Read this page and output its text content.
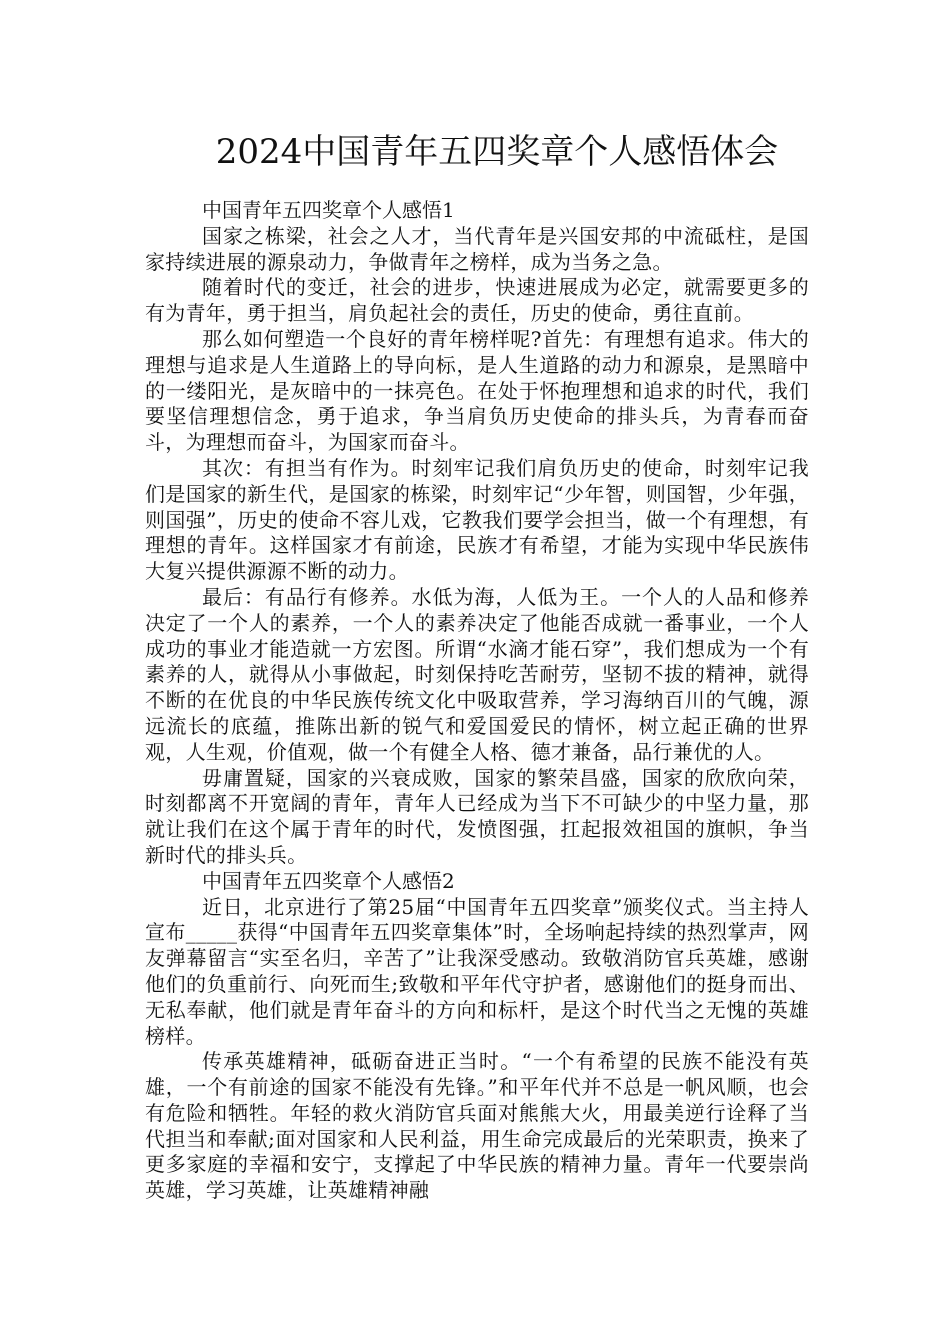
2024中国青年五四奖章个人感悟体会

中国青年五四奖章个人感悟1

国家之栋梁，社会之人才，当代青年是兴国安邦的中流砥柱，是国家持续进展的源泉动力，争做青年之榜样，成为当务之急。

随着时代的变迁，社会的进步，快速进展成为必定，就需要更多的有为青年，勇于担当，肩负起社会的责任，历史的使命，勇往直前。

那么如何塑造一个良好的青年榜样呢?首先：有理想有追求。伟大的理想与追求是人生道路上的导向标，是人生道路的动力和源泉，是黑暗中的一缕阳光，是灰暗中的一抹亮色。在处于怀抱理想和追求的时代，我们要坚信理想信念，勇于追求，争当肩负历史使命的排头兵，为青春而奋斗，为理想而奋斗，为国家而奋斗。

其次：有担当有作为。时刻牢记我们肩负历史的使命，时刻牢记我们是国家的新生代，是国家的栋梁，时刻牢记“少年智，则国智，少年强，则国强”，历史的使命不容儿戏，它教我们要学会担当，做一个有理想，有理想的青年。这样国家才有前途，民族才有希望，才能为实现中华民族伟大复兴提供源源不断的动力。

最后：有品行有修养。水低为海，人低为王。一个人的人品和修养决定了一个人的素养，一个人的素养决定了他能否成就一番事业，一个人成功的事业才能造就一方宏图。所谓“水滴才能石穿”，我们想成为一个有素养的人，就得从小事做起，时刻保持吃苦耐劳，坚韧不拔的精神，就得不断的在优良的中华民族传统文化中吸取营养，学习海纳百川的气魄，源远流长的底蕴，推陈出新的锐气和爱国爱民的情怀，树立起正确的世界观，人生观，价值观，做一个有健全人格、德才兼备，品行兼优的人。

毋庸置疑，国家的兴衰成败，国家的繁荣昌盛，国家的欣欣向荣，时刻都离不开宽阔的青年，青年人已经成为当下不可缺少的中坚力量，那就让我们在这个属于青年的时代，发愤图强，扛起报效祖国的旗帜，争当新时代的排头兵。

中国青年五四奖章个人感悟2

近日，北京进行了第25届“中国青年五四奖章”颁奖仪式。当主持人宣布_____获得“中国青年五四奖章集体”时，全场响起持续的热烈掌声，网友弹幕留言“实至名归，辛苦了”让我深受感动。致敬消防官兵英雄，感谢他们的负重前行、向死而生;致敬和平年代守护者，感谢他们的挺身而出、无私奉献，他们就是青年奋斗的方向和标杆，是这个时代当之无愧的英雄榜样。

传承英雄精神，砥砺奋进正当时。“一个有希望的民族不能没有英雄，一个有前途的国家不能没有先锋。”和平年代并不总是一帆风顺，也会有危险和牺牲。年轻的救火消防官兵面对熊熊大火，用最美逆行诠释了当代担当和奉献;面对国家和人民利益，用生命完成最后的光荣职责，换来了更多家庭的幸福和安宁，支撑起了中华民族的精神力量。青年一代要崇尚英雄，学习英雄，让英雄精神融
